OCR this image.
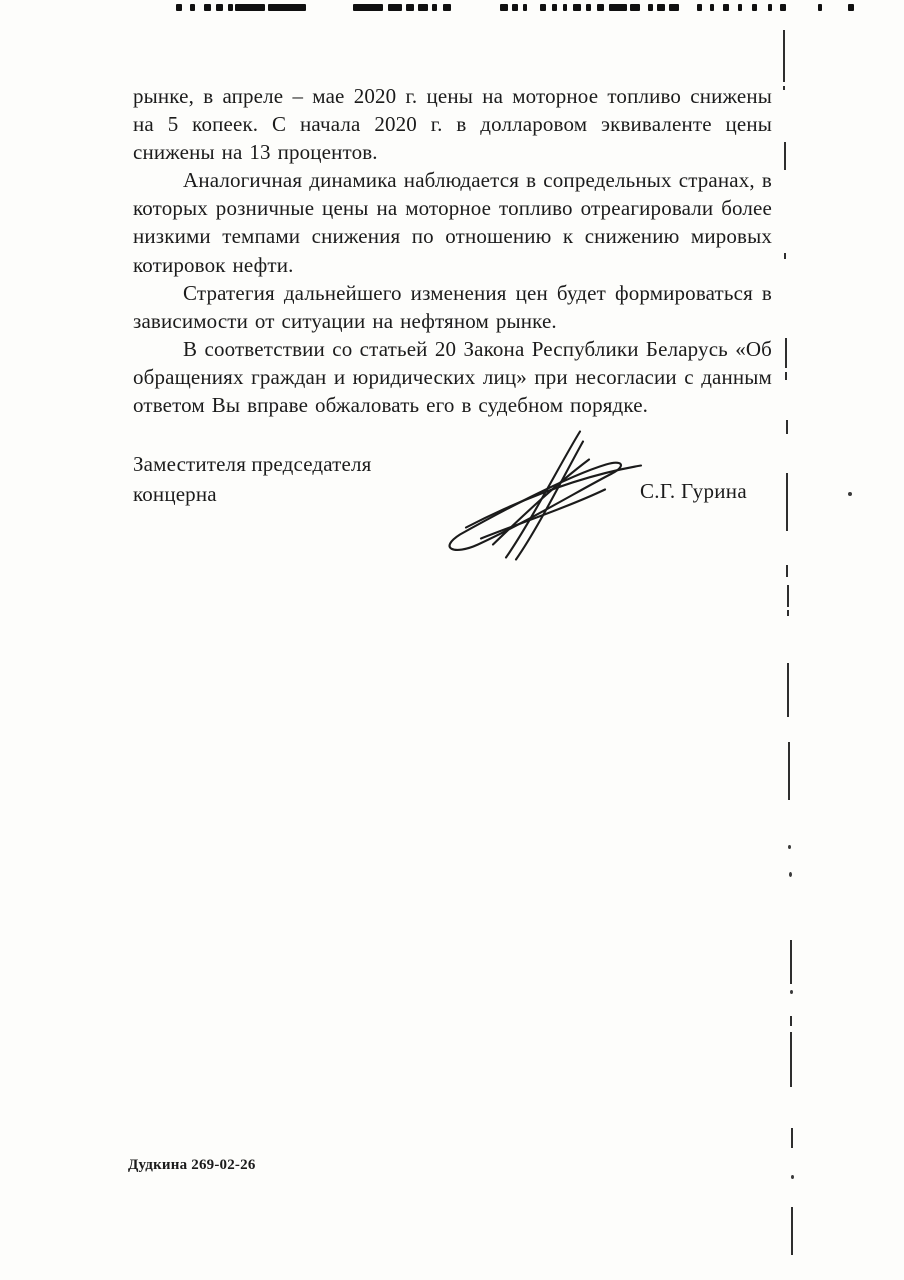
рынке, в апреле – мае 2020 г. цены на моторное топливо снижены на 5 копеек. С начала 2020 г. в долларовом эквиваленте цены снижены на 13 процентов.

Аналогичная динамика наблюдается в сопредельных странах, в которых розничные цены на моторное топливо отреагировали более низкими темпами снижения по отношению к снижению мировых котировок нефти.

Стратегия дальнейшего изменения цен будет формироваться в зависимости от ситуации на нефтяном рынке.

В соответствии со статьей 20 Закона Республики Беларусь «Об обращениях граждан и юридических лиц» при несогласии с данным ответом Вы вправе обжаловать его в судебном порядке.

Заместителя председателя
концерна	С.Г. Гурина
Дудкина 269-02-26
